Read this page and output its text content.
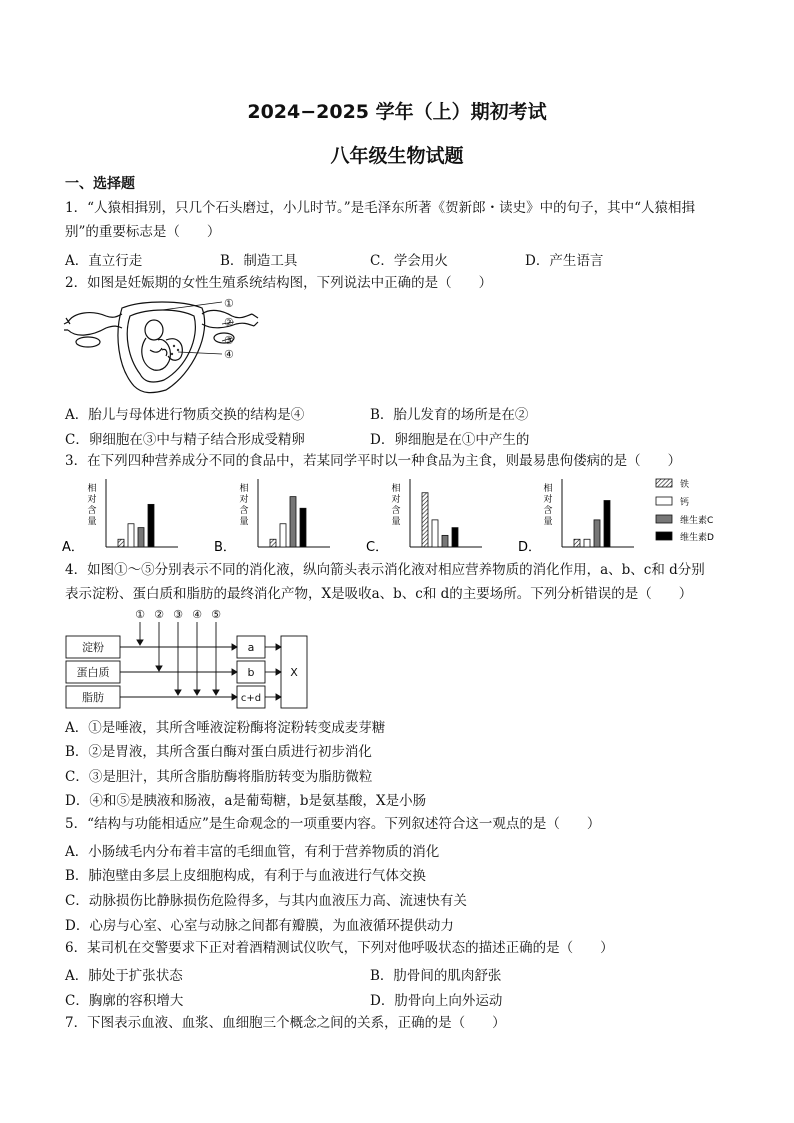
2024−2025 学年（上）期初考试
八年级生物试题
一、选择题
1．“人猿相揖别，只几个石头磨过，小儿时节。”是毛泽东所著《贺新郎・读史》中的句子，其中“人猿相揖
别”的重要标志是（　　）
A．直立行走	B．制造工具	C．学会用火	D．产生语言
2．如图是妊娠期的女性生殖系统结构图，下列说法中正确的是（　　）
①
②
③
④
A．胎儿与母体进行物质交换的结构是④	B．胎儿发育的场所是在②
C．卵细胞在③中与精子结合形成受精卵	D．卵细胞是在①中产生的
3．在下列四种营养成分不同的食品中，若某同学平时以一种食品为主食，则最易患佝偻病的是（　　）
相
对
含
量
A．
相
对
含
量
B．
相
对
含
量
C．
相
对
含
量
D．
铁
钙
维生素C
维生素D
4．如图①～⑤分别表示不同的消化液，纵向箭头表示消化液对相应营养物质的消化作用，a、b、c和 d分别
表示淀粉、蛋白质和脂肪的最终消化产物，X是吸收a、b、c和 d的主要场所。下列分析错误的是（　　）
① ② ③ ④ ⑤
淀粉
蛋白质
脂肪
a
b
c+d
X
A．①是唾液，其所含唾液淀粉酶将淀粉转变成麦芽糖
B．②是胃液，其所含蛋白酶对蛋白质进行初步消化
C．③是胆汁，其所含脂肪酶将脂肪转变为脂肪微粒
D．④和⑤是胰液和肠液，a是葡萄糖，b是氨基酸，X是小肠
5．“结构与功能相适应”是生命观念的一项重要内容。下列叙述符合这一观点的是（　　）
A．小肠绒毛内分布着丰富的毛细血管，有利于营养物质的消化
B．肺泡壁由多层上皮细胞构成，有利于与血液进行气体交换
C．动脉损伤比静脉损伤危险得多，与其内血液压力高、流速快有关
D．心房与心室、心室与动脉之间都有瓣膜，为血液循环提供动力
6．某司机在交警要求下正对着酒精测试仪吹气，下列对他呼吸状态的描述正确的是（　　）
A．肺处于扩张状态	B．肋骨间的肌肉舒张
C．胸廓的容积增大	D．肋骨向上向外运动
7．下图表示血液、血浆、血细胞三个概念之间的关系，正确的是（　　）
